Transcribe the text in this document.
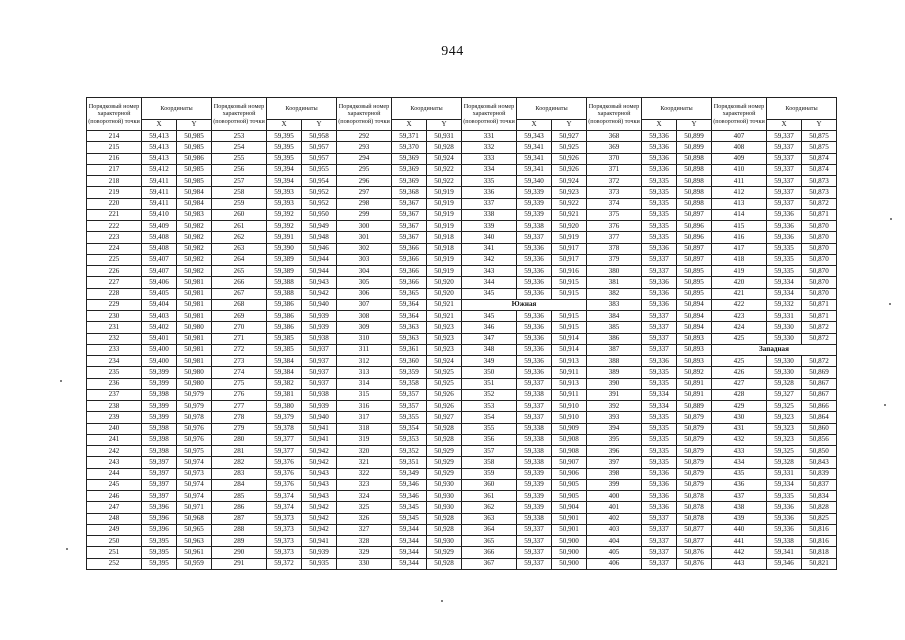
944
Порядковый номер характерной (поворотной) точки	Координаты		Порядковый номер характерной (поворотной) точки	Координаты		Порядковый номер характерной (поворотной) точки	Координаты		Порядковый номер характерной (поворотной) точки	Координаты		Порядковый номер характерной (поворотной) точки	Координаты		Порядковый номер характерной (поворотной) точки	Координаты	
	X	Y		X	Y		X	Y		X	Y		X	Y		X	Y
214	59,413	50,985	253	59,395	50,958	292	59,371	50,931	331	59,343	50,927	368	59,336	50,899	407	59,337	50,875
215	59,413	50,985	254	59,395	50,957	293	59,370	50,928	332	59,341	50,925	369	59,336	50,899	408	59,337	50,875
216	59,413	50,986	255	59,395	50,957	294	59,369	50,924	333	59,341	50,926	370	59,336	50,898	409	59,337	50,874
217	59,412	50,985	256	59,394	50,955	295	59,369	50,922	334	59,341	50,926	371	59,336	50,898	410	59,337	50,874
218	59,411	50,985	257	59,394	50,954	296	59,369	50,922	335	59,340	50,924	372	59,335	50,898	411	59,337	50,873
219	59,411	50,984	258	59,393	50,952	297	59,368	50,919	336	59,339	50,923	373	59,335	50,898	412	59,337	50,873
220	59,411	50,984	259	59,393	50,952	298	59,367	50,919	337	59,339	50,922	374	59,335	50,898	413	59,337	50,872
221	59,410	50,983	260	59,392	50,950	299	59,367	50,919	338	59,339	50,921	375	59,335	50,897	414	59,336	50,871
222	59,409	50,982	261	59,392	50,949	300	59,367	50,919	339	59,338	50,920	376	59,335	50,896	415	59,336	50,870
223	59,408	50,982	262	59,391	50,948	301	59,367	50,918	340	59,337	50,919	377	59,335	50,896	416	59,336	50,870
224	59,408	50,982	263	59,390	50,946	302	59,366	50,918	341	59,336	50,917	378	59,336	50,897	417	59,335	50,870
225	59,407	50,982	264	59,389	50,944	303	59,366	50,919	342	59,336	50,917	379	59,337	50,897	418	59,335	50,870
226	59,407	50,982	265	59,389	50,944	304	59,366	50,919	343	59,336	50,916	380	59,337	50,895	419	59,335	50,870
227	59,406	50,981	266	59,388	50,943	305	59,366	50,920	344	59,336	50,915	381	59,336	50,895	420	59,334	50,870
228	59,405	50,981	267	59,388	50,942	306	59,365	50,920	345	59,336	50,915	382	59,336	50,895	421	59,334	50,870
229	59,404	50,981	268	59,386	50,940	307	59,364	50,921	Южная			383	59,336	50,894	422	59,332	50,871
230	59,403	50,981	269	59,386	50,939	308	59,364	50,921	345	59,336	50,915	384	59,337	50,894	423	59,331	50,871
231	59,402	50,980	270	59,386	50,939	309	59,363	50,923	346	59,336	50,915	385	59,337	50,894	424	59,330	50,872
232	59,401	50,981	271	59,385	50,938	310	59,363	50,923	347	59,336	50,914	386	59,337	50,893	425	59,330	50,872
233	59,400	50,981	272	59,385	50,937	311	59,361	50,923	348	59,336	50,914	387	59,337	50,893	Западная		
234	59,400	50,981	273	59,384	50,937	312	59,360	50,924	349	59,336	50,913	388	59,336	50,893	425	59,330	50,872
235	59,399	50,980	274	59,384	50,937	313	59,359	50,925	350	59,336	50,911	389	59,335	50,892	426	59,330	50,869
236	59,399	50,980	275	59,382	50,937	314	59,358	50,925	351	59,337	50,913	390	59,335	50,891	427	59,328	50,867
237	59,398	50,979	276	59,381	50,938	315	59,357	50,926	352	59,338	50,911	391	59,334	50,891	428	59,327	50,867
238	59,399	50,979	277	59,380	50,939	316	59,357	50,926	353	59,337	50,910	392	59,334	50,889	429	59,325	50,866
239	59,399	50,978	278	59,379	50,940	317	59,355	50,927	354	59,337	50,910	393	59,335	50,879	430	59,323	50,864
240	59,398	50,976	279	59,378	50,941	318	59,354	50,928	355	59,338	50,909	394	59,335	50,879	431	59,323	50,860
241	59,398	50,976	280	59,377	50,941	319	59,353	50,928	356	59,338	50,908	395	59,335	50,879	432	59,323	50,856
242	59,398	50,975	281	59,377	50,942	320	59,352	50,929	357	59,338	50,908	396	59,335	50,879	433	59,325	50,850
243	59,397	50,974	282	59,376	50,942	321	59,351	50,929	358	59,338	50,907	397	59,335	50,879	434	59,328	50,843
244	59,397	50,973	283	59,376	50,943	322	59,349	50,929	359	59,339	50,906	398	59,336	50,879	435	59,331	50,839
245	59,397	50,974	284	59,376	50,943	323	59,346	50,930	360	59,339	50,905	399	59,336	50,879	436	59,334	50,837
246	59,397	50,974	285	59,374	50,943	324	59,346	50,930	361	59,339	50,905	400	59,336	50,878	437	59,335	50,834
247	59,396	50,971	286	59,374	50,942	325	59,345	50,930	362	59,339	50,904	401	59,336	50,878	438	59,336	50,828
248	59,396	50,968	287	59,373	50,942	326	59,345	50,928	363	59,338	50,901	402	59,337	50,878	439	59,336	50,825
249	59,396	50,965	288	59,373	50,942	327	59,344	50,928	364	59,337	50,901	403	59,337	50,877	440	59,336	50,816
250	59,395	50,963	289	59,373	50,941	328	59,344	50,930	365	59,337	50,900	404	59,337	50,877	441	59,338	50,816
251	59,395	50,961	290	59,373	50,939	329	59,344	50,929	366	59,337	50,900	405	59,337	50,876	442	59,341	50,818
252	59,395	50,959	291	59,372	50,935	330	59,344	50,928	367	59,337	50,900	406	59,337	50,876	443	59,346	50,821
